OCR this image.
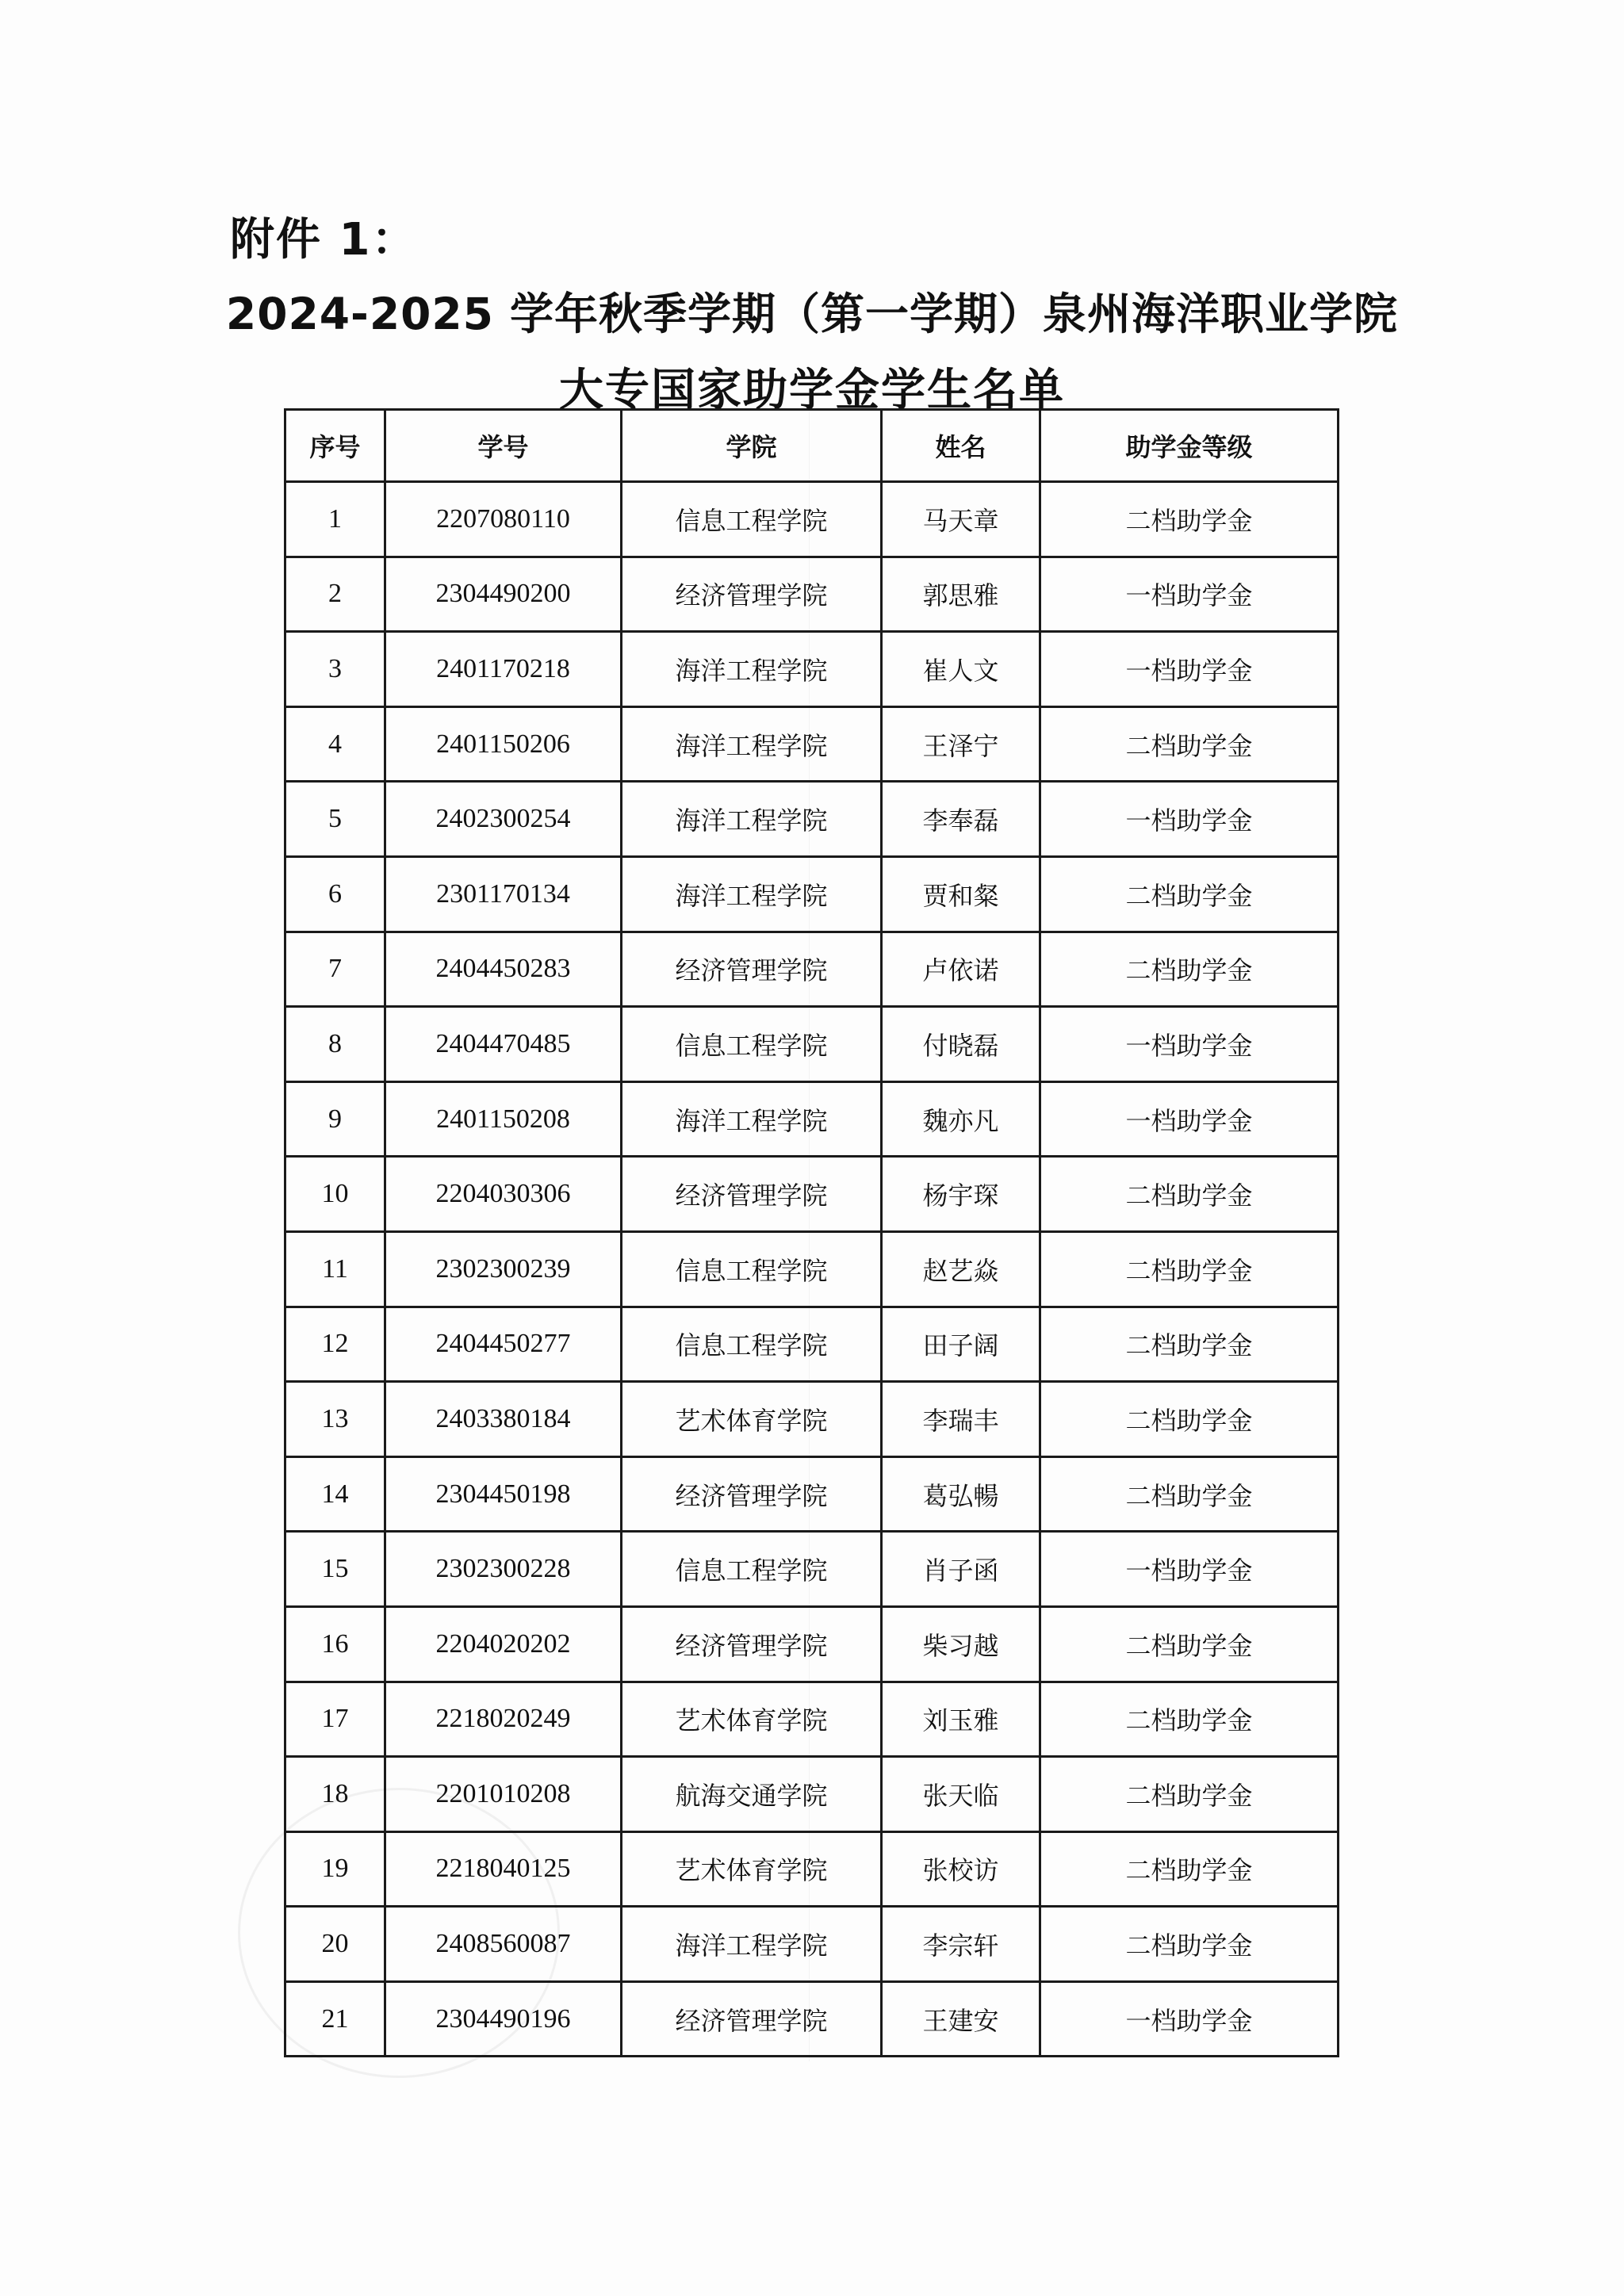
附件 1：
2024-2025 学年秋季学期（第一学期）泉州海洋职业学院
大专国家助学金学生名单
序号	学号	学院	姓名	助学金等级
1	2207080110	信息工程学院	马天章	二档助学金
2	2304490200	经济管理学院	郭思雅	一档助学金
3	2401170218	海洋工程学院	崔人文	一档助学金
4	2401150206	海洋工程学院	王泽宁	二档助学金
5	2402300254	海洋工程学院	李奉磊	一档助学金
6	2301170134	海洋工程学院	贾和粲	二档助学金
7	2404450283	经济管理学院	卢依诺	二档助学金
8	2404470485	信息工程学院	付晓磊	一档助学金
9	2401150208	海洋工程学院	魏亦凡	一档助学金
10	2204030306	经济管理学院	杨宇琛	二档助学金
11	2302300239	信息工程学院	赵艺焱	二档助学金
12	2404450277	信息工程学院	田子阔	二档助学金
13	2403380184	艺术体育学院	李瑞丰	二档助学金
14	2304450198	经济管理学院	葛弘暢	二档助学金
15	2302300228	信息工程学院	肖子函	一档助学金
16	2204020202	经济管理学院	柴习越	二档助学金
17	2218020249	艺术体育学院	刘玉雅	二档助学金
18	2201010208	航海交通学院	张天临	二档助学金
19	2218040125	艺术体育学院	张校访	二档助学金
20	2408560087	海洋工程学院	李宗轩	二档助学金
21	2304490196	经济管理学院	王建安	一档助学金
